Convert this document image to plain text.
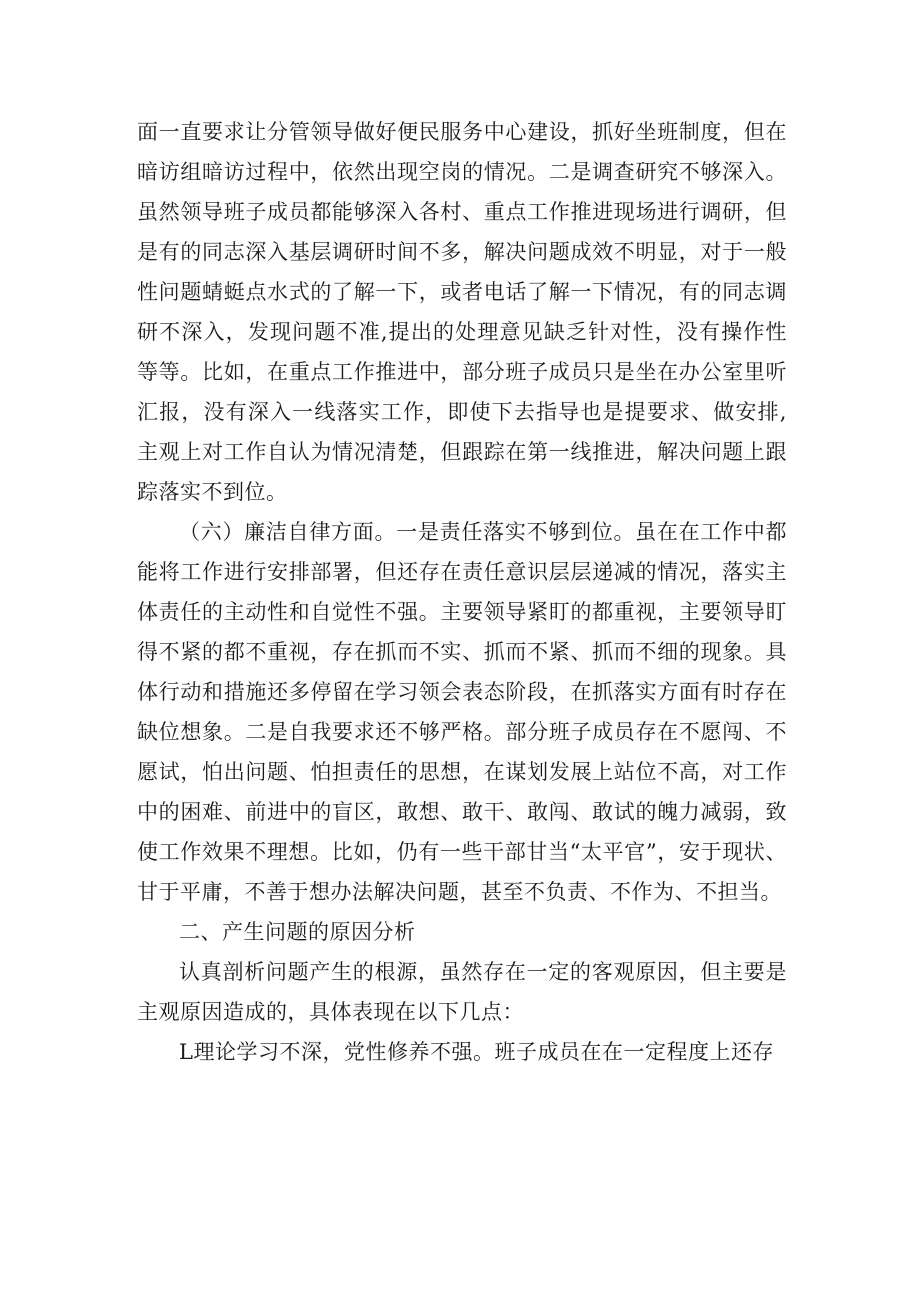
面一直要求让分管领导做好便民服务中心建设，抓好坐班制度，但在暗访组暗访过程中，依然出现空岗的情况。二是调查研究不够深入。虽然领导班子成员都能够深入各村、重点工作推进现场进行调研，但是有的同志深入基层调研时间不多，解决问题成效不明显，对于一般性问题蜻蜓点水式的了解一下，或者电话了解一下情况，有的同志调研不深入，发现问题不准,提出的处理意见缺乏针对性，没有操作性等等。比如，在重点工作推进中，部分班子成员只是坐在办公室里听汇报，没有深入一线落实工作，即使下去指导也是提要求、做安排,主观上对工作自认为情况清楚，但跟踪在第一线推进，解决问题上跟踪落实不到位。

（六）廉洁自律方面。一是责任落实不够到位。虽在在工作中都能将工作进行安排部署，但还存在责任意识层层递减的情况，落实主体责任的主动性和自觉性不强。主要领导紧盯的都重视，主要领导盯得不紧的都不重视，存在抓而不实、抓而不紧、抓而不细的现象。具体行动和措施还多停留在学习领会表态阶段，在抓落实方面有时存在缺位想象。二是自我要求还不够严格。部分班子成员存在不愿闯、不愿试，怕出问题、怕担责任的思想，在谋划发展上站位不高，对工作中的困难、前进中的盲区，敢想、敢干、敢闯、敢试的魄力减弱，致使工作效果不理想。比如，仍有一些干部甘当“太平官”，安于现状、甘于平庸，不善于想办法解决问题，甚至不负责、不作为、不担当。

二、产生问题的原因分析

认真剖析问题产生的根源，虽然存在一定的客观原因，但主要是主观原因造成的，具体表现在以下几点：

L理论学习不深，党性修养不强。班子成员在在一定程度上还存
